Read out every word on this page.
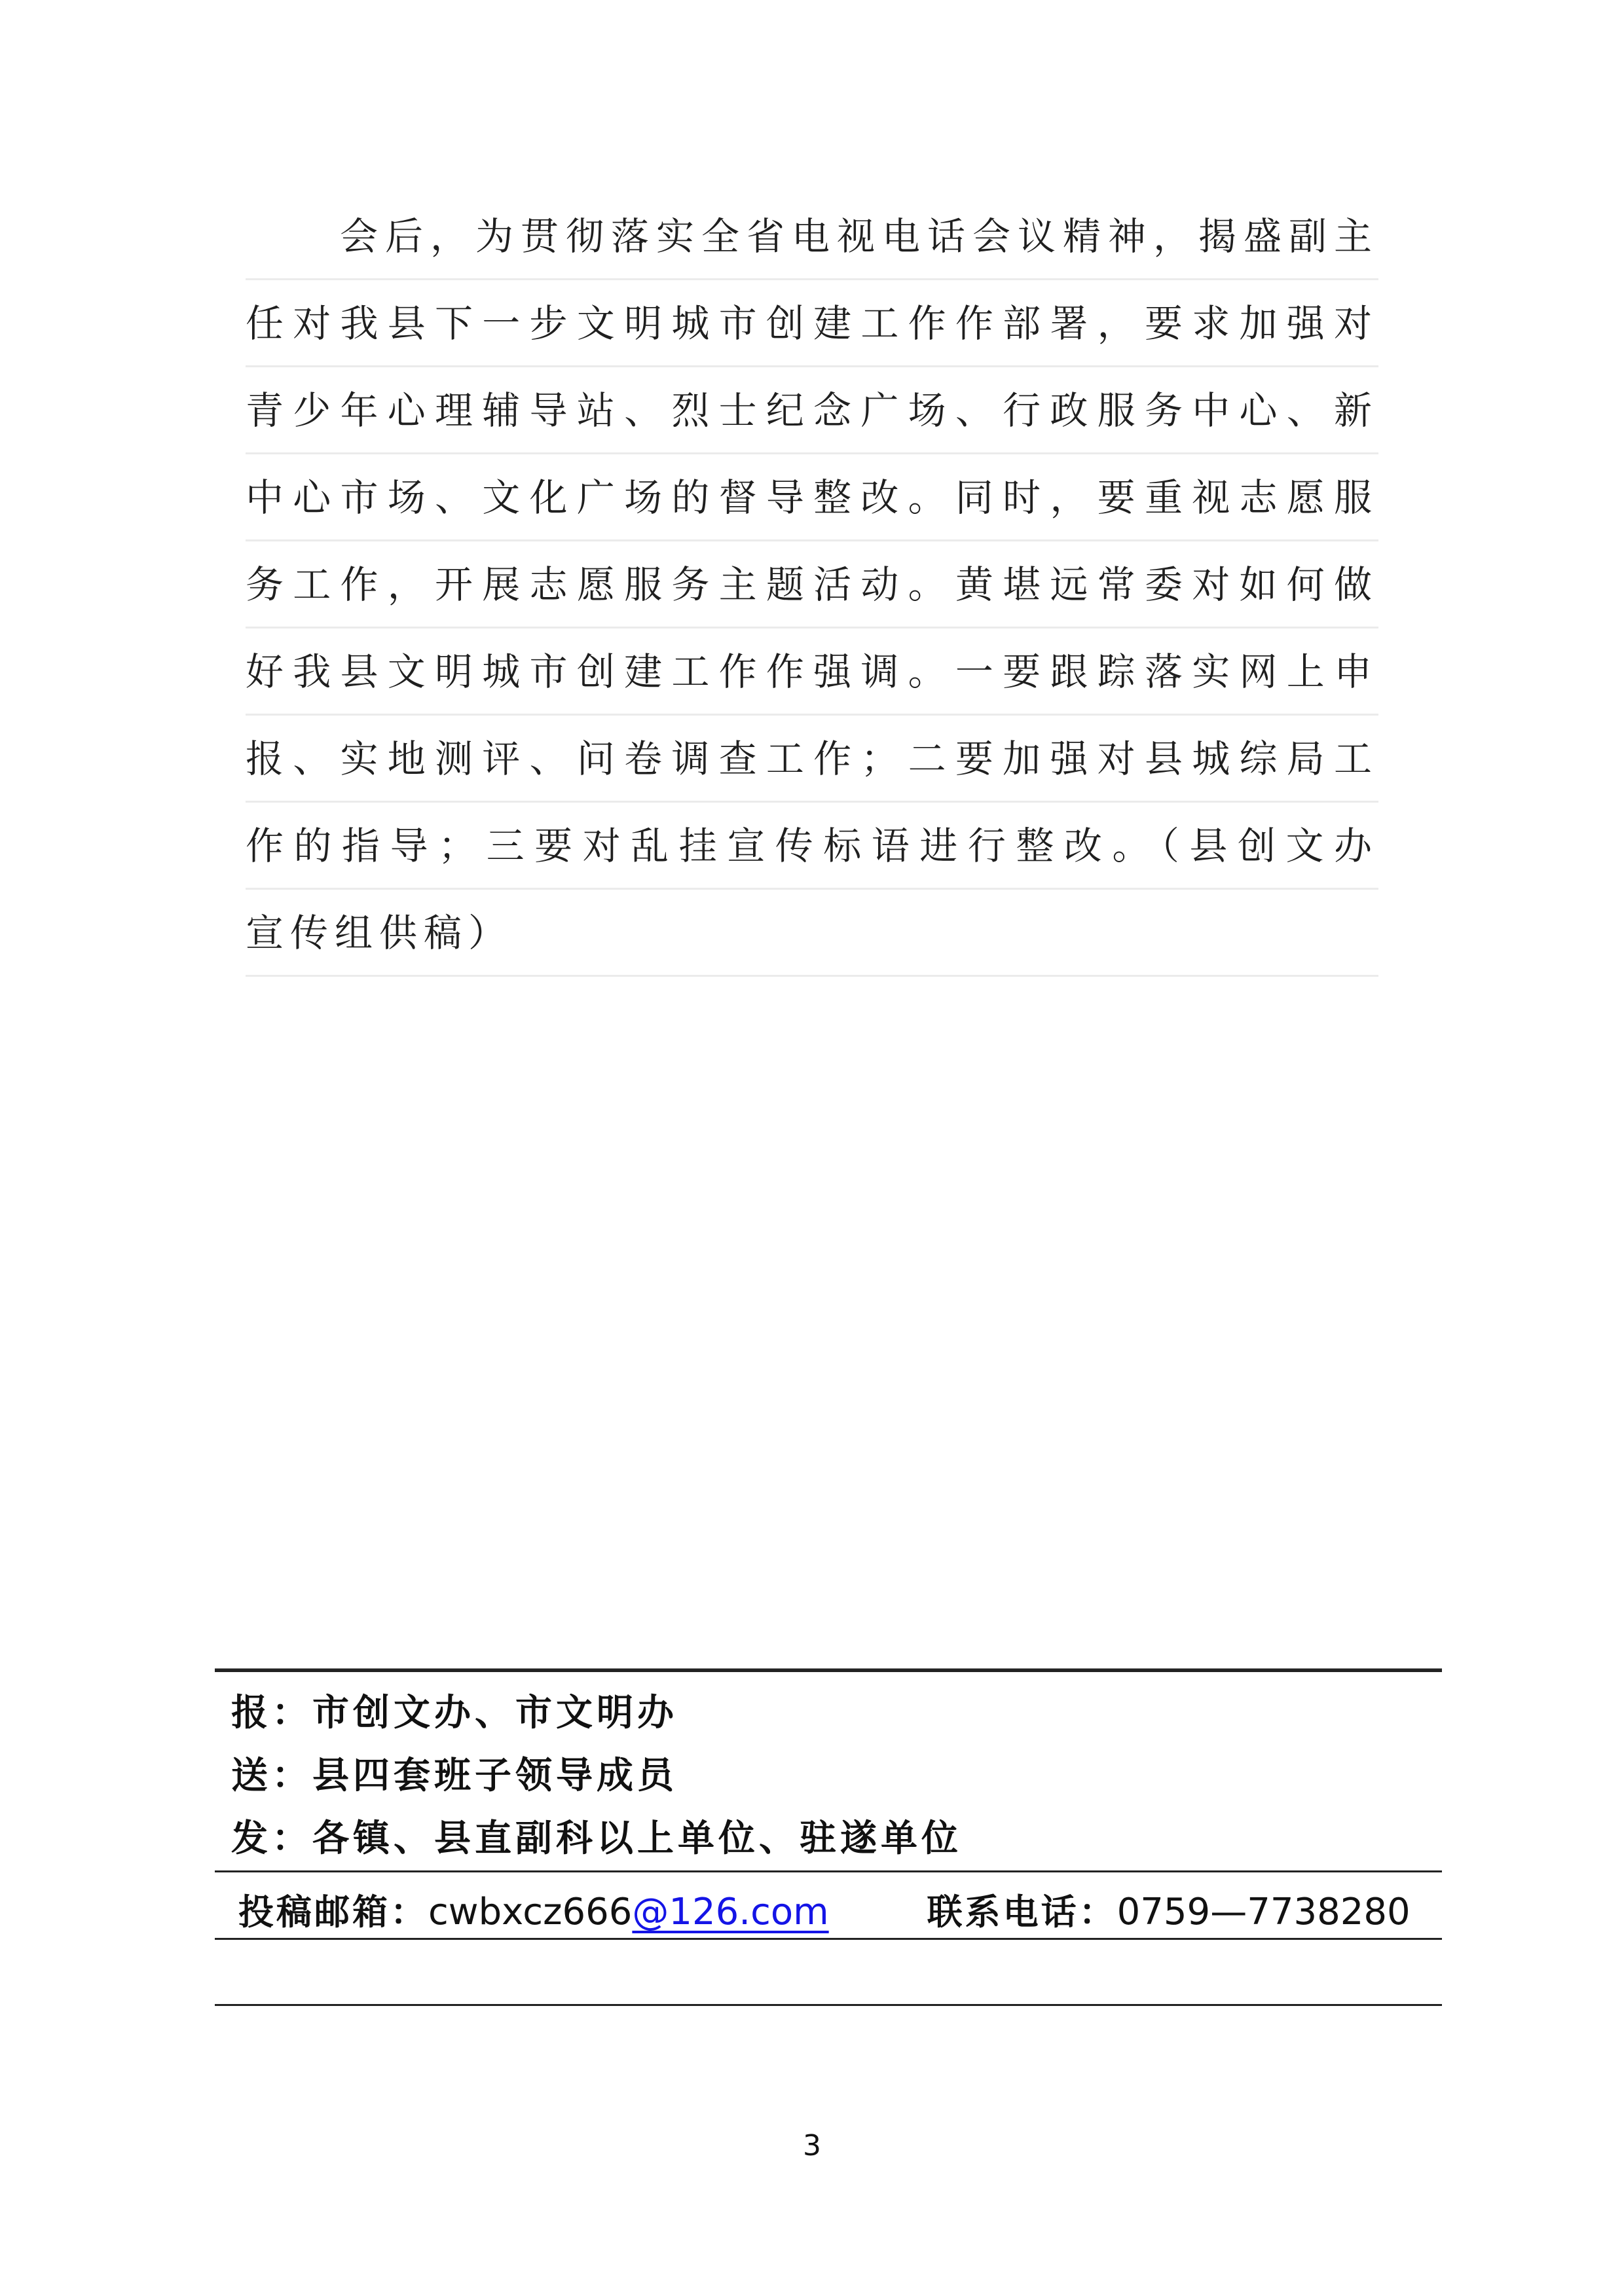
会后，为贯彻落实全省电视电话会议精神，揭盛副主
任对我县下一步文明城市创建工作作部署，要求加强对
青少年心理辅导站、烈士纪念广场、行政服务中心、新
中心市场、文化广场的督导整改。同时，要重视志愿服
务工作，开展志愿服务主题活动。黄堪远常委对如何做
好我县文明城市创建工作作强调。一要跟踪落实网上申
报、实地测评、问卷调查工作；二要加强对县城综局工
作的指导；三要对乱挂宣传标语进行整改。（县创文办
宣传组供稿）
报：市创文办、市文明办
送：县四套班子领导成员
发：各镇、县直副科以上单位、驻遂单位
投稿邮箱：cwbxcz666@126.com	联系电话：0759—7738280
3
